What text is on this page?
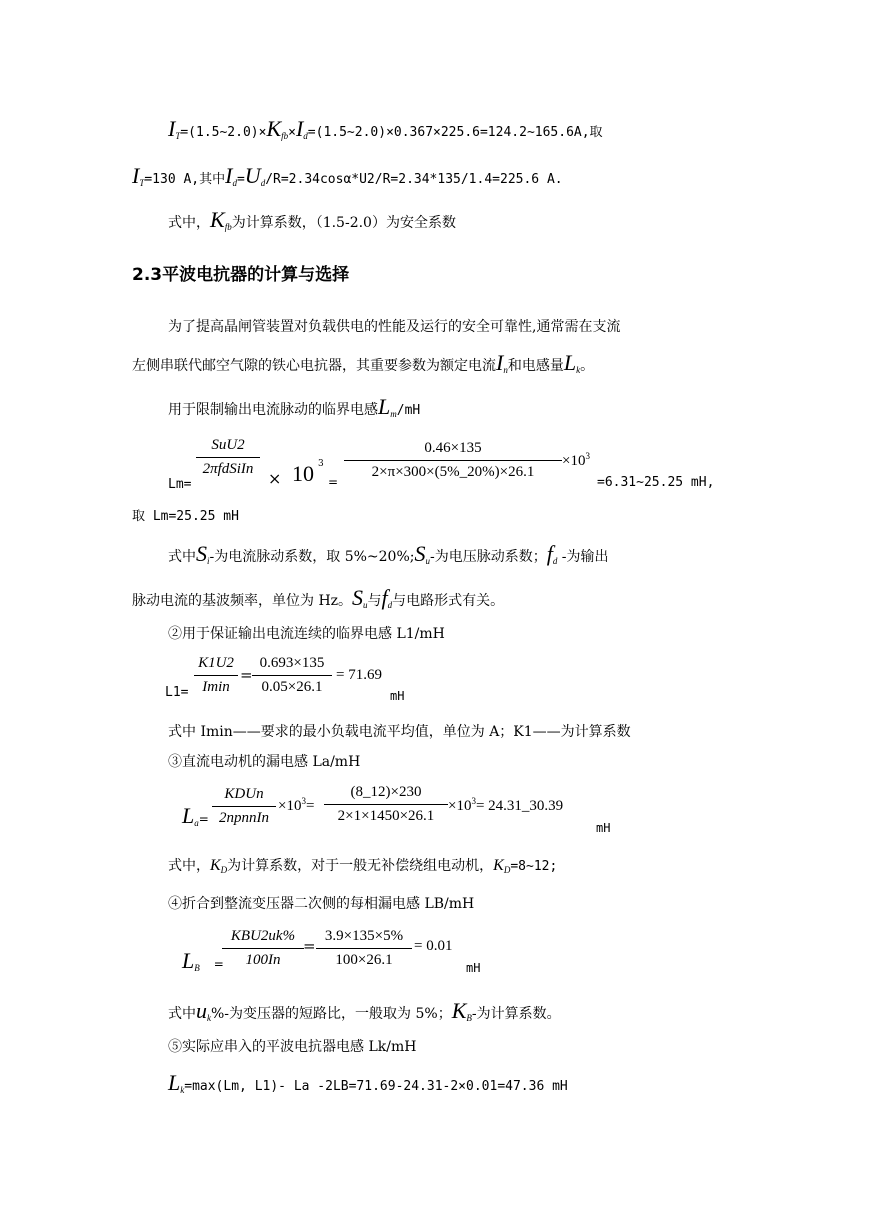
$I_T=(1.5\sim 2.0)\times K_{fb}\times I_d=(1.5\sim 2.0)\times 0.367\times 225.6=124.2\sim 165.6A$,取
$I_T=130$ A,其中$I_d=U_d/R=2.34\cos\alpha*U2/R=2.34*135/1.4=225.6$ A.
式中，$K_{fb}$为计算系数，（1.5-2.0）为安全系数
2.3平波电抗器的计算与选择
为了提高晶闸管装置对负载供电的性能及运行的安全可靠性,通常需在支流
左侧串联代邮空气隙的铁心电抗器，其重要参数为额定电流$I_n$和电感量$L_k$。
用于限制输出电流脉动的临界电感$L_m/mH$
Lm=
SuU2
2πfdSiIn × 10 3
=
0.46×135
2×π×300×(5%_20%)×26.1
$\times 10^3$
=6.31~25.25 mH,
取 Lm=25.25 mH
式中$S_i-$为电流脉动系数，取 $5\%\sim 20\%;S_u-$为电压脉动系数；$f_d$ -为输出
脉动电流的基波频率，单位为 Hz。$S_u$与$f_d$与电路形式有关。
②用于保证输出电流连续的临界电感 L1/mH
L1=
K1U2
Imin
=
0.693×135
0.05×26.1
= 71.69
mH
式中 Imin——要求的最小负载电流平均值，单位为 A；K1——为计算系数
③直流电动机的漏电感 La/mH
$L_a=$
KDUn
2npnnIn
$\times 10^3=$
(8_12)×230
2×1×1450×26.1
$\times 10^3=$ 24.31_30.39
mH
式中，$K_D$为计算系数，对于一般无补偿绕组电动机，$K_D=8\sim 12$;
④折合到整流变压器二次侧的每相漏电感 LB/mH
$L_B$ =
KBU2uk%
100In
=
3.9×135×5%
100×26.1
= 0.01
mH
式中$u_k\%-$为变压器的短路比，一般取为 5%；$K_B-$为计算系数。
⑤实际应串入的平波电抗器电感 Lk/mH
$L_k=\max(Lm$, L1)- La -2LB=71.69-24.31-2×0.01=47.36 mH
